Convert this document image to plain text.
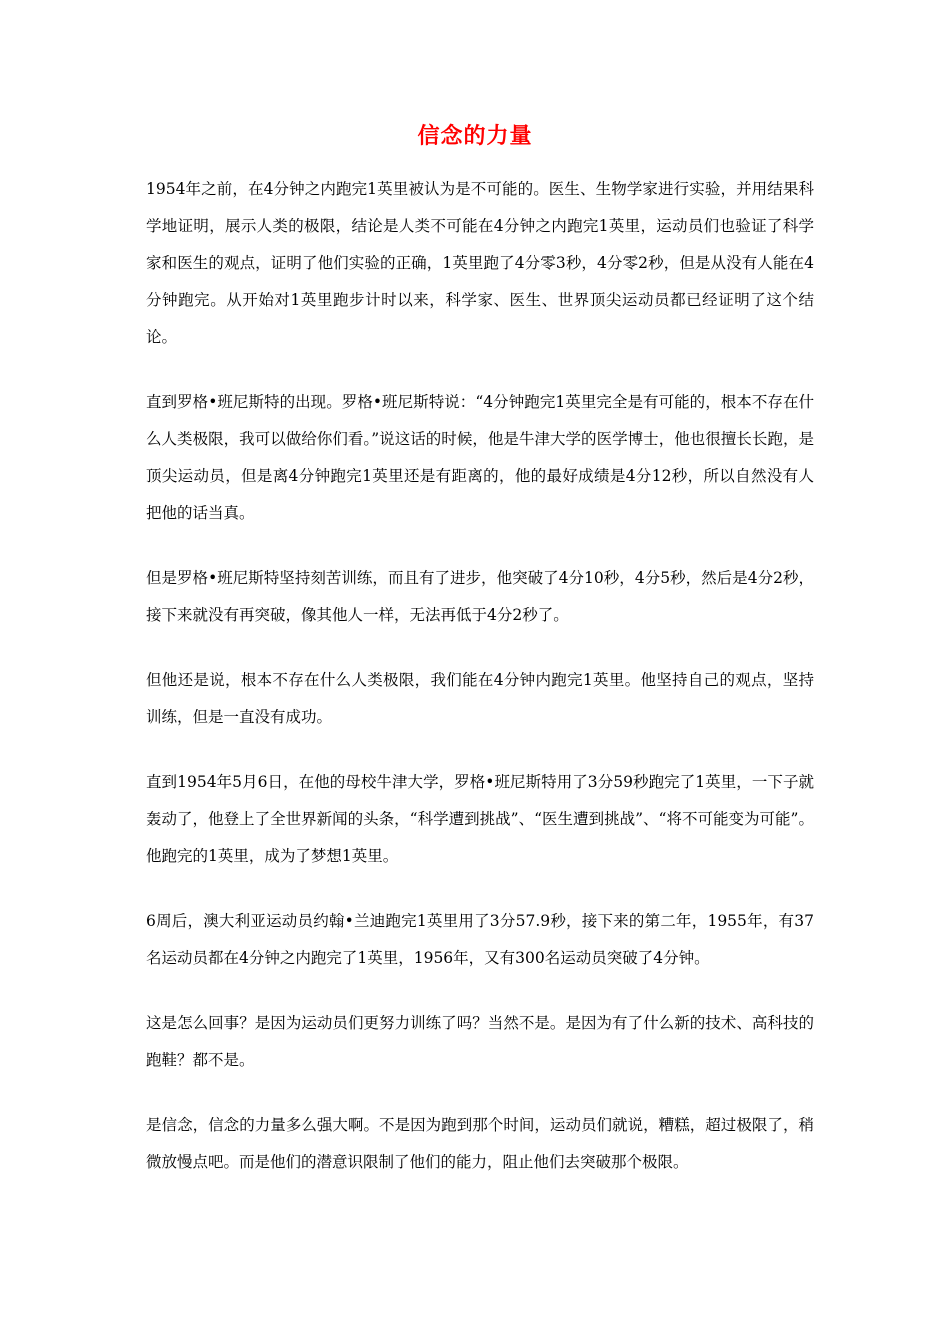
信念的力量

1954年之前，在4分钟之内跑完1英里被认为是不可能的。医生、生物学家进行实验，并用结果科学地证明，展示人类的极限，结论是人类不可能在4分钟之内跑完1英里，运动员们也验证了科学家和医生的观点，证明了他们实验的正确，1英里跑了4分零3秒，4分零2秒，但是从没有人能在4分钟跑完。从开始对1英里跑步计时以来，科学家、医生、世界顶尖运动员都已经证明了这个结论。

直到罗格•班尼斯特的出现。罗格•班尼斯特说：“4分钟跑完1英里完全是有可能的，根本不存在什么人类极限，我可以做给你们看。”说这话的时候，他是牛津大学的医学博士，他也很擅长长跑，是顶尖运动员，但是离4分钟跑完1英里还是有距离的，他的最好成绩是4分12秒，所以自然没有人把他的话当真。

但是罗格•班尼斯特坚持刻苦训练，而且有了进步，他突破了4分10秒，4分5秒，然后是4分2秒，接下来就没有再突破，像其他人一样，无法再低于4分2秒了。

但他还是说，根本不存在什么人类极限，我们能在4分钟内跑完1英里。他坚持自己的观点，坚持训练，但是一直没有成功。

直到1954年5月6日，在他的母校牛津大学，罗格•班尼斯特用了3分59秒跑完了1英里，一下子就轰动了，他登上了全世界新闻的头条，“科学遭到挑战”、“医生遭到挑战”、“将不可能变为可能”。他跑完的1英里，成为了梦想1英里。

6周后，澳大利亚运动员约翰•兰迪跑完1英里用了3分57.9秒，接下来的第二年，1955年，有37名运动员都在4分钟之内跑完了1英里，1956年，又有300名运动员突破了4分钟。

这是怎么回事？是因为运动员们更努力训练了吗？当然不是。是因为有了什么新的技术、高科技的跑鞋？都不是。

是信念，信念的力量多么强大啊。不是因为跑到那个时间，运动员们就说，糟糕，超过极限了，稍微放慢点吧。而是他们的潜意识限制了他们的能力，阻止他们去突破那个极限。
